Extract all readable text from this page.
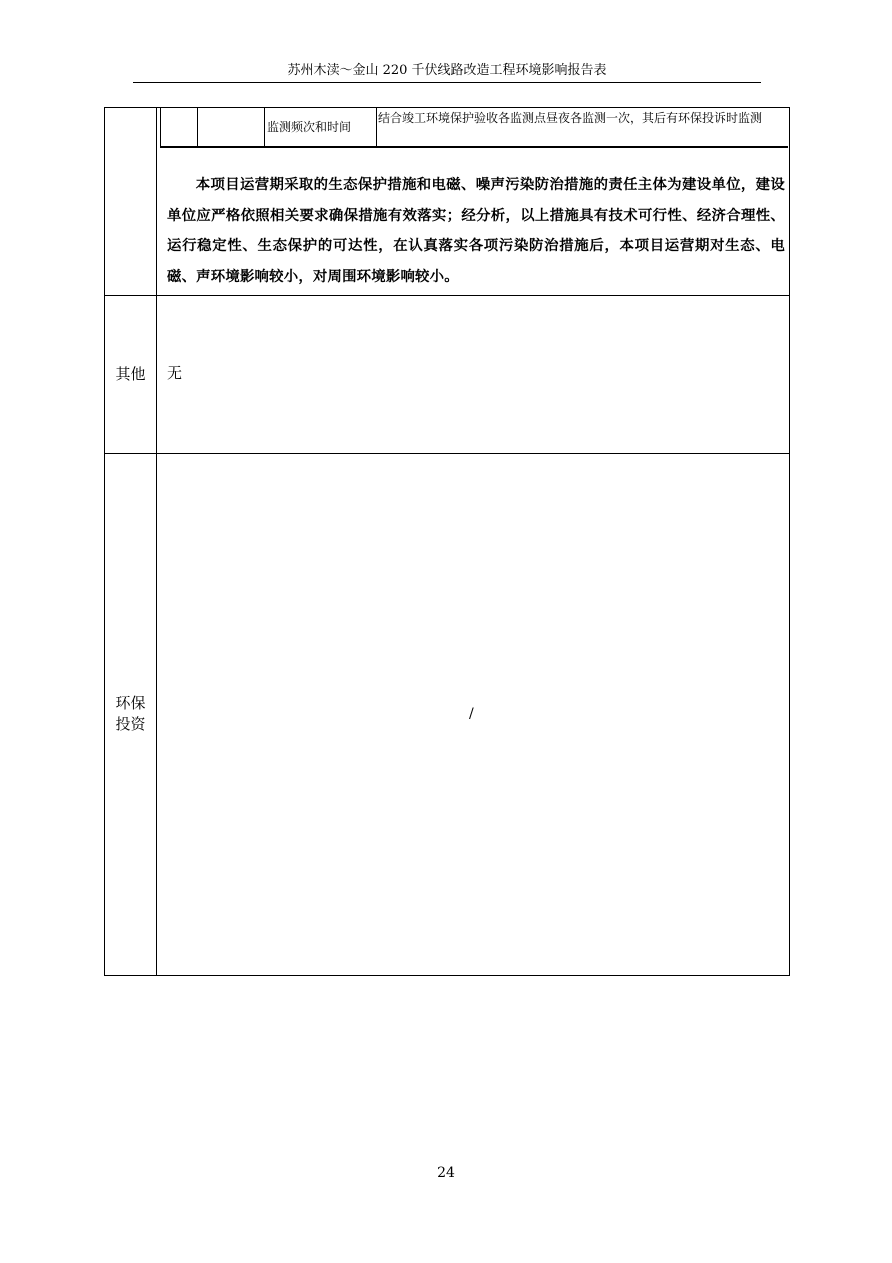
苏州木渎～金山 220 千伏线路改造工程环境影响报告表
监测频次和时间
结合竣工环境保护验收各监测点昼夜各监测一次，其后有环保投诉时监测
本项目运营期采取的生态保护措施和电磁、噪声污染防治措施的责任主体为建设单位，建设单位应严格依照相关要求确保措施有效落实；经分析，以上措施具有技术可行性、经济合理性、运行稳定性、生态保护的可达性，在认真落实各项污染防治措施后，本项目运营期对生态、电磁、声环境影响较小，对周围环境影响较小。
其他	无
环保
投资
/
24
